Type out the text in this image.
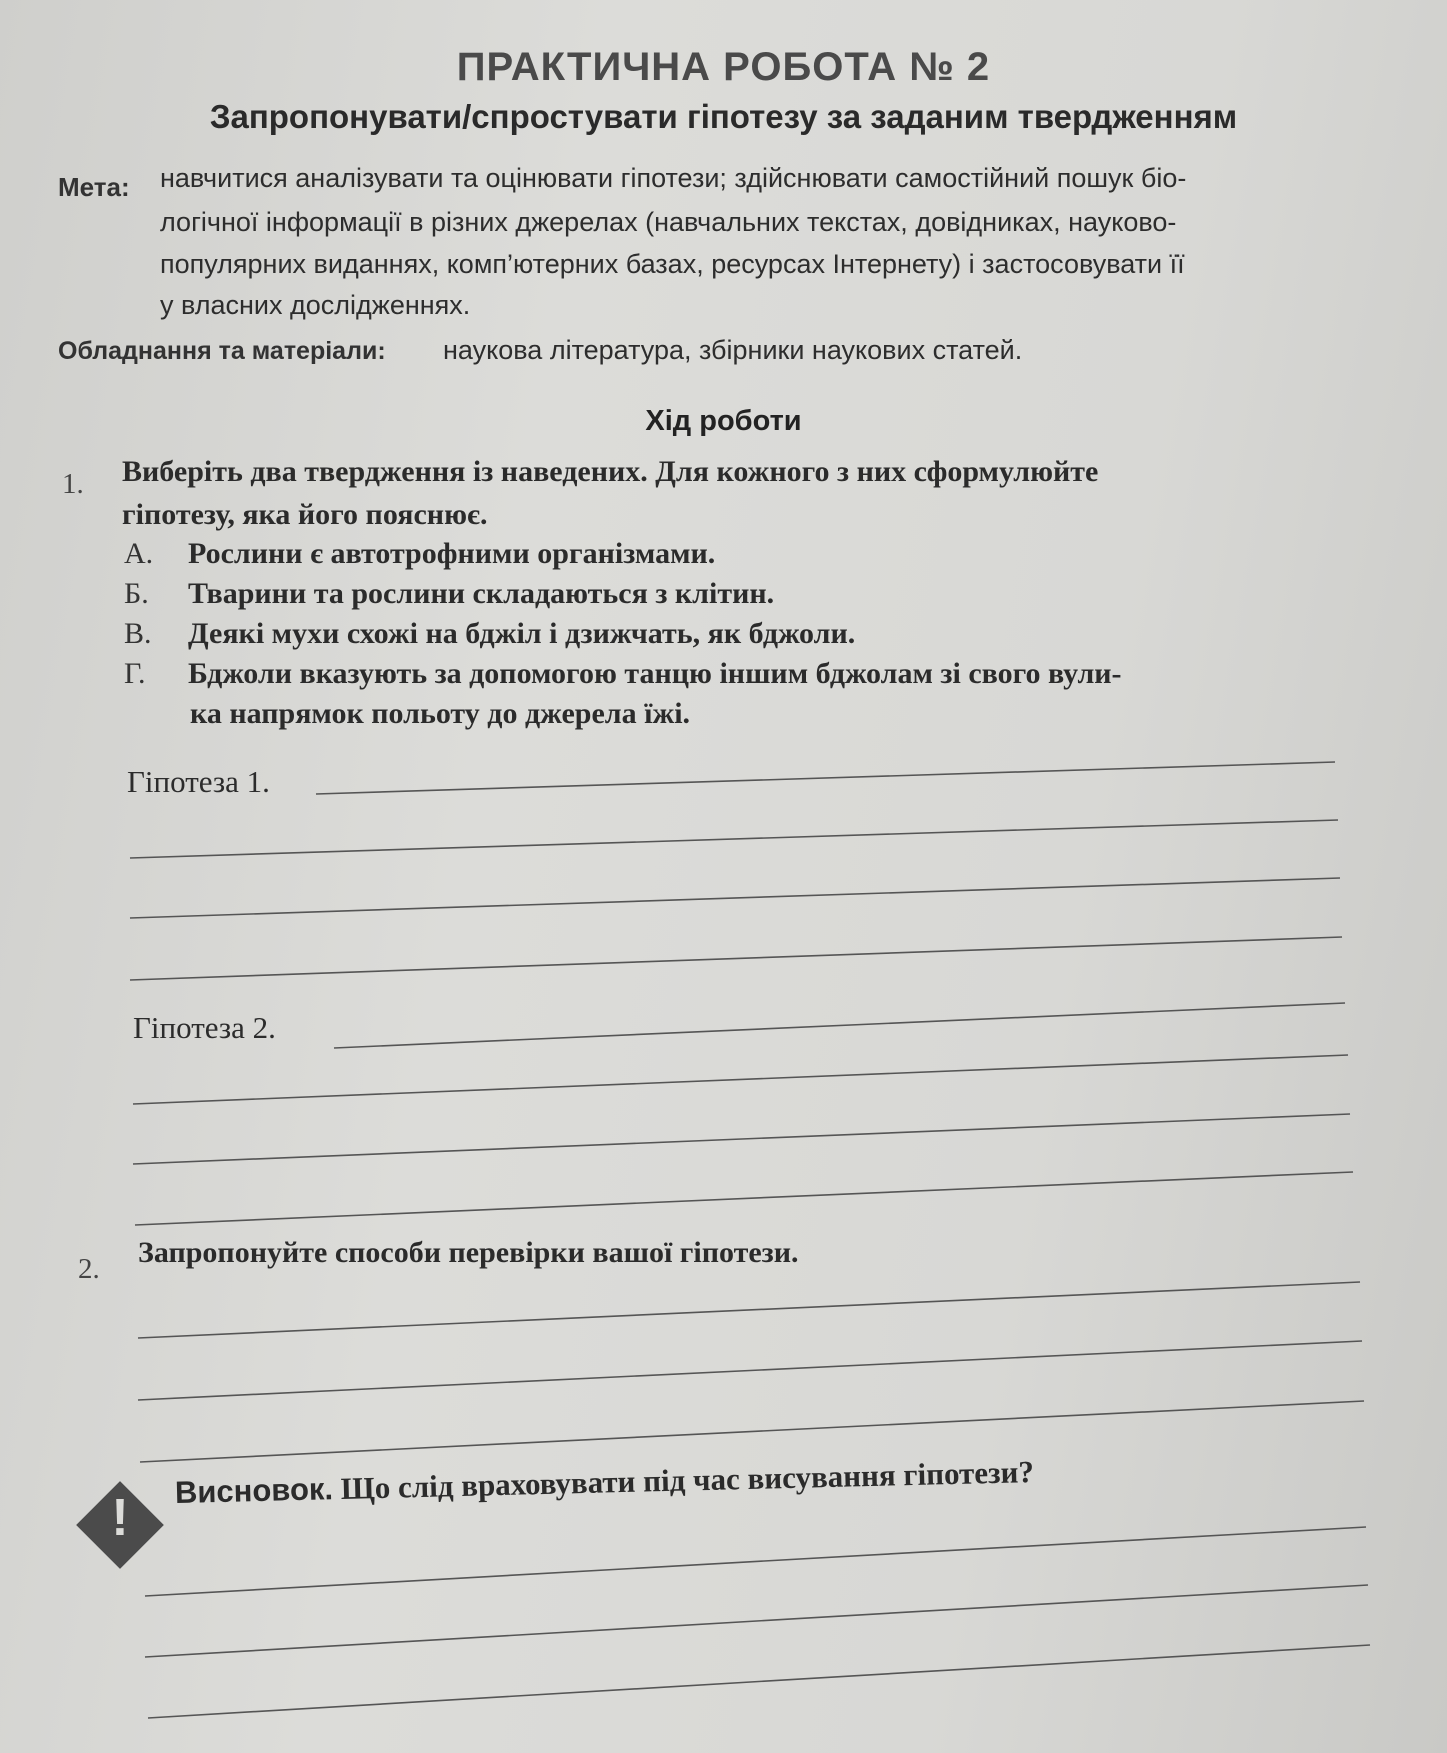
ПРАКТИЧНА РОБОТА № 2
Запропонувати/спростувати гіпотезу за заданим твердженням
Мета: навчитися аналізувати та оцінювати гіпотези; здійснювати самостійний пошук біо-
логічної інформації в різних джерелах (навчальних текстах, довідниках, науково-
популярних виданнях, комп’ютерних базах, ресурсах Інтернету) і застосовувати її
у власних дослідженнях.
Обладнання та матеріали: наукова література, збірники наукових статей.
Хід роботи
1. Виберіть два твердження із наведених. Для кожного з них сформулюйте
гіпотезу, яка його пояснює.
А. Рослини є автотрофними організмами.
Б. Тварини та рослини складаються з клітин.
В. Деякі мухи схожі на бджіл і дзижчать, як бджоли.
Г. Бджоли вказують за допомогою танцю іншим бджолам зі свого вули-
ка напрямок польоту до джерела їжі.
Гіпотеза 1.
Гіпотеза 2.
2. Запропонуйте способи перевірки вашої гіпотези.
! Висновок. Що слід враховувати під час висування гіпотези?
